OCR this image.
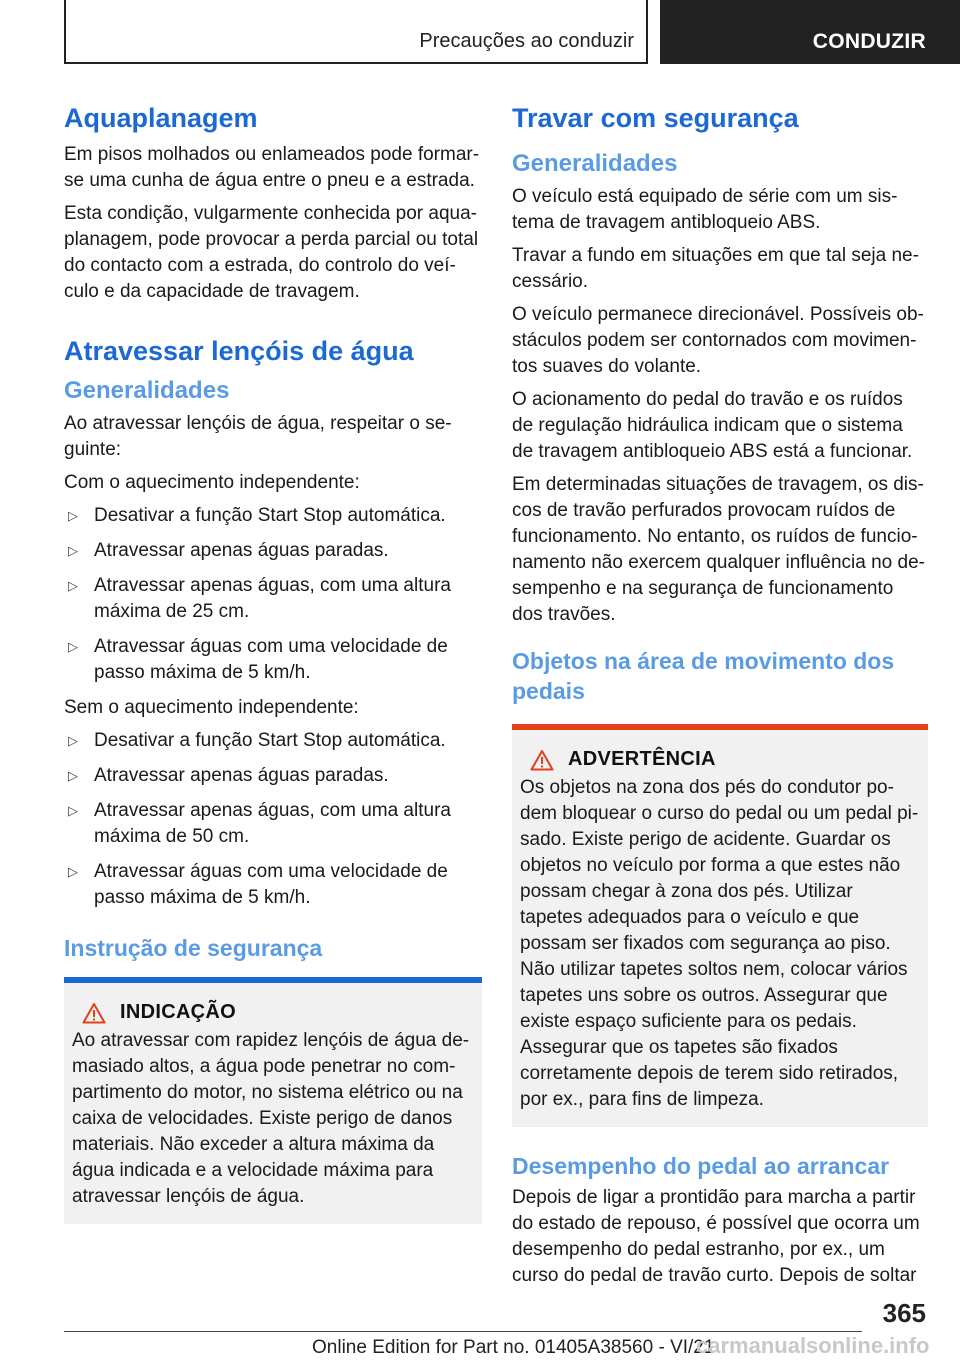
Precauções ao conduzir	CONDUZIR
Aquaplanagem

Em pisos molhados ou enlameados pode formar-se uma cunha de água entre o pneu e a estrada.

Esta condição, vulgarmente conhecida por aquaplanagem, pode provocar a perda parcial ou total do contacto com a estrada, do controlo do veículo e da capacidade de travagem.

Atravessar lençóis de água
Generalidades

Ao atravessar lençóis de água, respeitar o seguinte:

Com o aquecimento independente:

▷ Desativar a função Start Stop automática.
▷ Atravessar apenas águas paradas.
▷ Atravessar apenas águas, com uma altura máxima de 25 cm.
▷ Atravessar águas com uma velocidade de passo máxima de 5 km/h.

Sem o aquecimento independente:

▷ Desativar a função Start Stop automática.
▷ Atravessar apenas águas paradas.
▷ Atravessar apenas águas, com uma altura máxima de 50 cm.
▷ Atravessar águas com uma velocidade de passo máxima de 5 km/h.
Instrução de segurança
INDICAÇÃO

Ao atravessar com rapidez lençóis de água demasiado altos, a água pode penetrar no compartimento do motor, no sistema elétrico ou na caixa de velocidades. Existe perigo de danos materiais. Não exceder a altura máxima da água indicada e a velocidade máxima para atravessar lençóis de água.

Travar com segurança
Generalidades

O veículo está equipado de série com um sistema de travagem antibloqueio ABS.

Travar a fundo em situações em que tal seja necessário.

O veículo permanece direcionável. Possíveis obstáculos podem ser contornados com movimentos suaves do volante.

O acionamento do pedal do travão e os ruídos de regulação hidráulica indicam que o sistema de travagem antibloqueio ABS está a funcionar.

Em determinadas situações de travagem, os discos de travão perfurados provocam ruídos de funcionamento. No entanto, os ruídos de funcionamento não exercem qualquer influência no desempenho e na segurança de funcionamento dos travões.

Objetos na área de movimento dos pedais
ADVERTÊNCIA

Os objetos na zona dos pés do condutor podem bloquear o curso do pedal ou um pedal pisado. Existe perigo de acidente. Guardar os objetos no veículo por forma a que estes não possam chegar à zona dos pés. Utilizar tapetes adequados para o veículo e que possam ser fixados com segurança ao piso. Não utilizar tapetes soltos nem, colocar vários tapetes uns sobre os outros. Assegurar que existe espaço suficiente para os pedais. Assegurar que os tapetes são fixados corretamente depois de terem sido retirados, por ex., para fins de limpeza.

Desempenho do pedal ao arrancar

Depois de ligar a prontidão para marcha a partir do estado de repouso, é possível que ocorra um desempenho do pedal estranho, por ex., um curso do pedal de travão curto. Depois de soltar

365
Online Edition for Part no. 01405A38560 - VI/21
carmanualsonline.info
